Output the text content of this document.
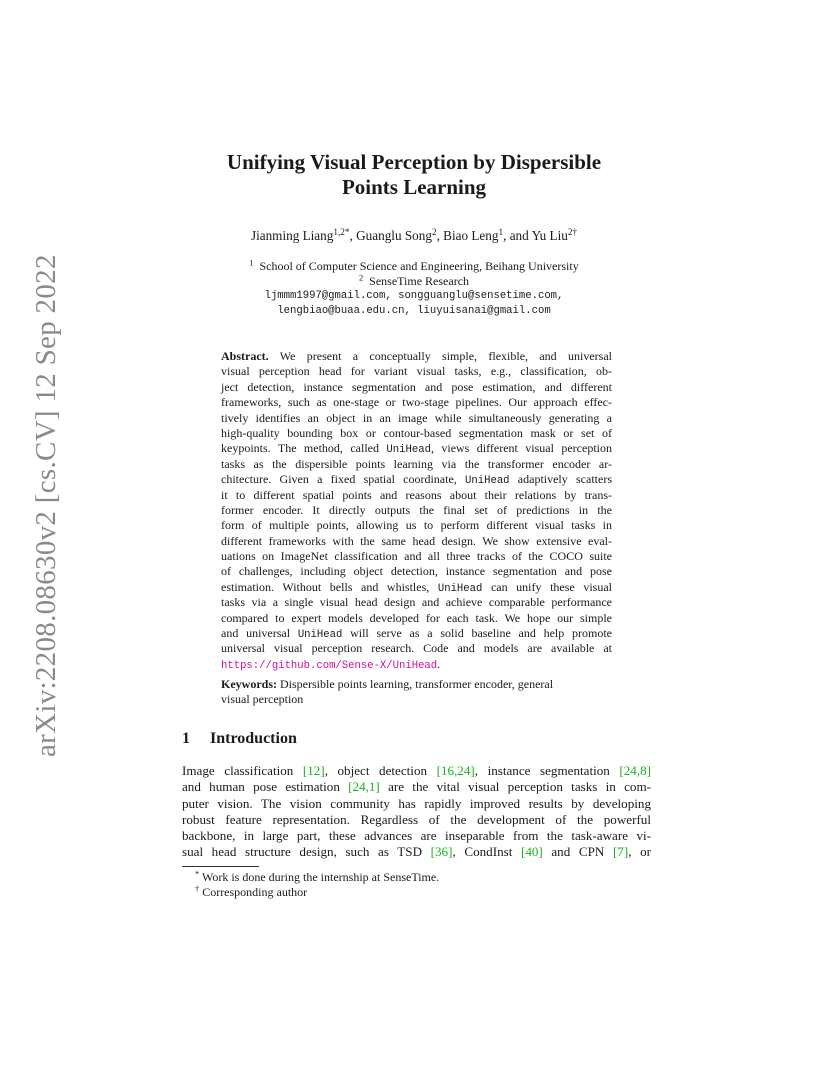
arXiv:2208.08630v2 [cs.CV] 12 Sep 2022
Unifying Visual Perception by Dispersible
Points Learning
Jianming Liang$^{1,2*}$, Guanglu Song$^2$, Biao Leng$^1$, and Yu Liu$^{2\dagger}$
$^1$ School of Computer Science and Engineering, Beihang University
$^2$ SenseTime Research
ljmmm1997@gmail.com, songguanglu@sensetime.com,
lengbiao@buaa.edu.cn, liuyuisanai@gmail.com
Abstract. We present a conceptually simple, flexible, and universal
visual perception head for variant visual tasks, e.g., classification, ob-
ject detection, instance segmentation and pose estimation, and different
frameworks, such as one-stage or two-stage pipelines. Our approach effec-
tively identifies an object in an image while simultaneously generating a
high-quality bounding box or contour-based segmentation mask or set of
keypoints. The method, called UniHead, views different visual perception
tasks as the dispersible points learning via the transformer encoder ar-
chitecture. Given a fixed spatial coordinate, UniHead adaptively scatters
it to different spatial points and reasons about their relations by trans-
former encoder. It directly outputs the final set of predictions in the
form of multiple points, allowing us to perform different visual tasks in
different frameworks with the same head design. We show extensive eval-
uations on ImageNet classification and all three tracks of the COCO suite
of challenges, including object detection, instance segmentation and pose
estimation. Without bells and whistles, UniHead can unify these visual
tasks via a single visual head design and achieve comparable performance
compared to expert models developed for each task. We hope our simple
and universal UniHead will serve as a solid baseline and help promote
universal visual perception research. Code and models are available at
https://github.com/Sense-X/UniHead.
Keywords: Dispersible points learning, transformer encoder, general
visual perception
1 Introduction
Image classification [12], object detection [16,24], instance segmentation [24,8]
and human pose estimation [24,1] are the vital visual perception tasks in com-
puter vision. The vision community has rapidly improved results by developing
robust feature representation. Regardless of the development of the powerful
backbone, in large part, these advances are inseparable from the task-aware vi-
sual head structure design, such as TSD [36], CondInst [40] and CPN [7], or
* Work is done during the internship at SenseTime.
† Corresponding author
